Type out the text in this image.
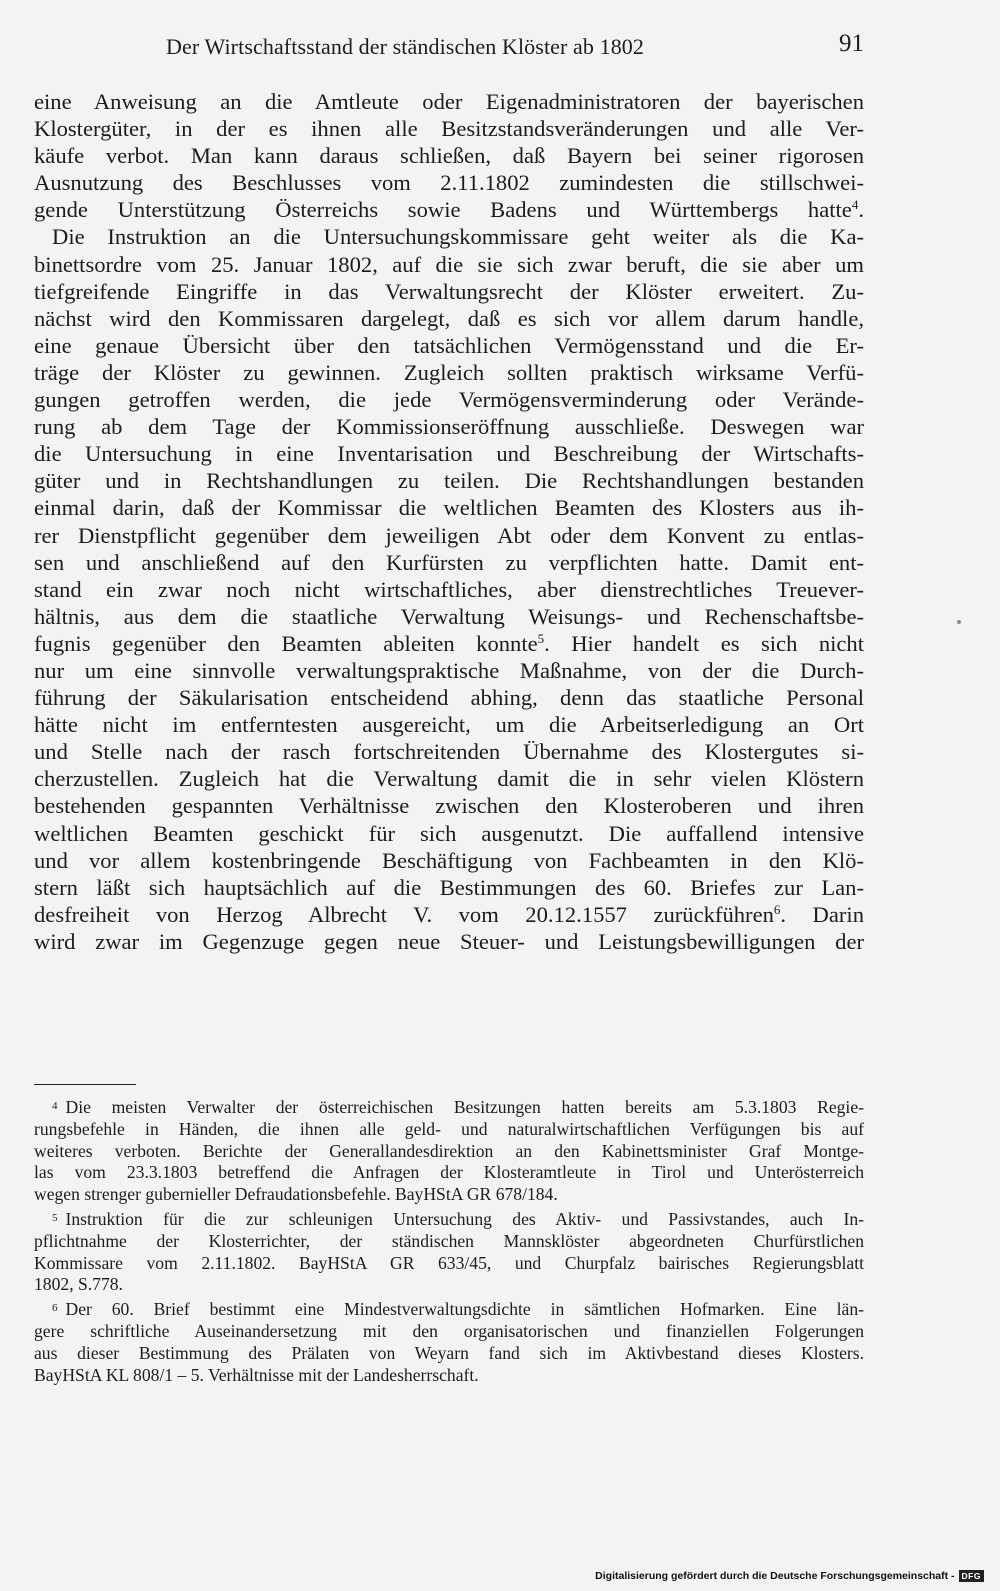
Der Wirtschaftsstand der ständischen Klöster ab 1802	91
eine Anweisung an die Amtleute oder Eigenadministratoren der bayerischen
Klostergüter, in der es ihnen alle Besitzstandsveränderungen und alle Ver-
käufe verbot. Man kann daraus schließen, daß Bayern bei seiner rigorosen
Ausnutzung des Beschlusses vom 2.11.1802 zumindesten die stillschwei-
gende Unterstützung Österreichs sowie Badens und Württembergs hatte$^4$.
Die Instruktion an die Untersuchungskommissare geht weiter als die Ka-
binettsordre vom 25. Januar 1802, auf die sie sich zwar beruft, die sie aber um
tiefgreifende Eingriffe in das Verwaltungsrecht der Klöster erweitert. Zu-
nächst wird den Kommissaren dargelegt, daß es sich vor allem darum handle,
eine genaue Übersicht über den tatsächlichen Vermögensstand und die Er-
träge der Klöster zu gewinnen. Zugleich sollten praktisch wirksame Verfü-
gungen getroffen werden, die jede Vermögensverminderung oder Verände-
rung ab dem Tage der Kommissionseröffnung ausschließe. Deswegen war
die Untersuchung in eine Inventarisation und Beschreibung der Wirtschafts-
güter und in Rechtshandlungen zu teilen. Die Rechtshandlungen bestanden
einmal darin, daß der Kommissar die weltlichen Beamten des Klosters aus ih-
rer Dienstpflicht gegenüber dem jeweiligen Abt oder dem Konvent zu entlas-
sen und anschließend auf den Kurfürsten zu verpflichten hatte. Damit ent-
stand ein zwar noch nicht wirtschaftliches, aber dienstrechtliches Treuever-
hältnis, aus dem die staatliche Verwaltung Weisungs- und Rechenschaftsbe-
fugnis gegenüber den Beamten ableiten konnte$^5$. Hier handelt es sich nicht
nur um eine sinnvolle verwaltungspraktische Maßnahme, von der die Durch-
führung der Säkularisation entscheidend abhing, denn das staatliche Personal
hätte nicht im entferntesten ausgereicht, um die Arbeitserledigung an Ort
und Stelle nach der rasch fortschreitenden Übernahme des Klostergutes si-
cherzustellen. Zugleich hat die Verwaltung damit die in sehr vielen Klöstern
bestehenden gespannten Verhältnisse zwischen den Klosteroberen und ihren
weltlichen Beamten geschickt für sich ausgenutzt. Die auffallend intensive
und vor allem kostenbringende Beschäftigung von Fachbeamten in den Klö-
stern läßt sich hauptsächlich auf die Bestimmungen des 60. Briefes zur Lan-
desfreiheit von Herzog Albrecht V. vom 20.12.1557 zurückführen$^6$. Darin
wird zwar im Gegenzuge gegen neue Steuer- und Leistungsbewilligungen der
$^4$ Die meisten Verwalter der österreichischen Besitzungen hatten bereits am 5.3.1803 Regie-
rungsbefehle in Händen, die ihnen alle geld- und naturalwirtschaftlichen Verfügungen bis auf
weiteres verboten. Berichte der Generallandesdirektion an den Kabinettsminister Graf Montge-
las vom 23.3.1803 betreffend die Anfragen der Klosteramtleute in Tirol und Unterösterreich
wegen strenger gubernieller Defraudationsbefehle. BayHStA GR 678/184.
$^5$ Instruktion für die zur schleunigen Untersuchung des Aktiv- und Passivstandes, auch In-
pflichtnahme der Klosterrichter, der ständischen Mannsklöster abgeordneten Churfürstlichen
Kommissare vom 2.11.1802. BayHStA GR 633/45, und Churpfalz bairisches Regierungsblatt
1802, S.778.
$^6$ Der 60. Brief bestimmt eine Mindestverwaltungsdichte in sämtlichen Hofmarken. Eine län-
gere schriftliche Auseinandersetzung mit den organisatorischen und finanziellen Folgerungen
aus dieser Bestimmung des Prälaten von Weyarn fand sich im Aktivbestand dieses Klosters.
BayHStA KL 808/1 – 5. Verhältnisse mit der Landesherrschaft.
Digitalisierung gefördert durch die Deutsche Forschungsgemeinschaft - DFG
